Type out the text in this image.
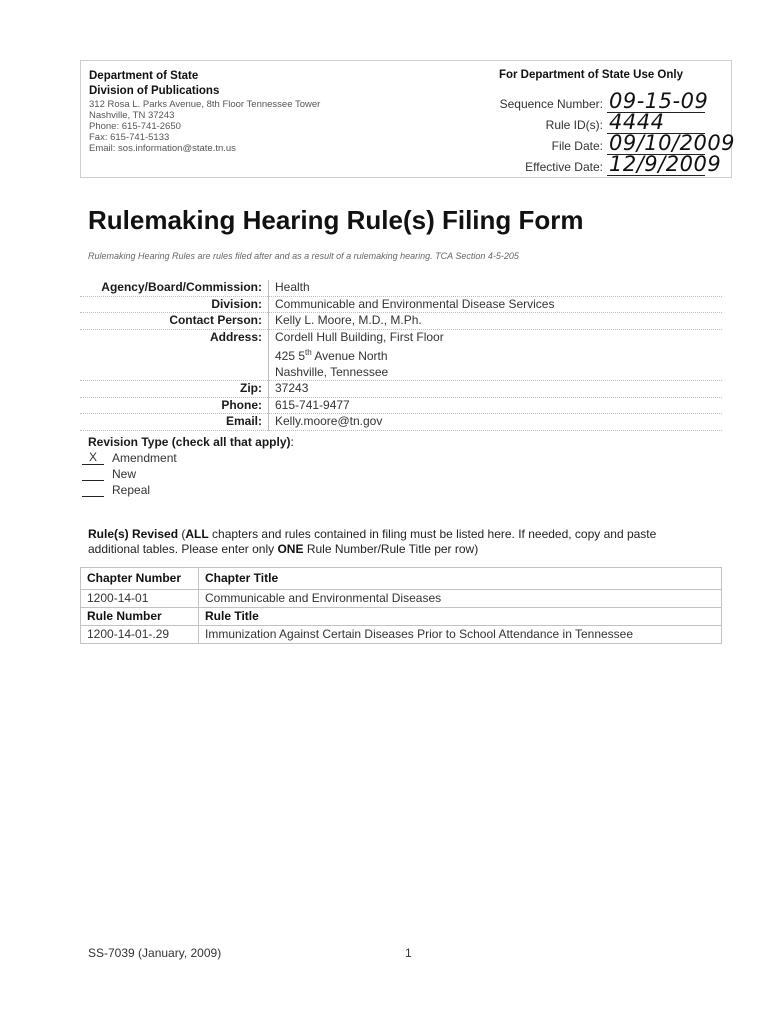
Department of State
Division of Publications
312 Rosa L. Parks Avenue, 8th Floor Tennessee Tower
Nashville, TN 37243
Phone: 615-741-2650
Fax: 615-741-5133
Email: sos.information@state.tn.us
For Department of State Use Only
Sequence Number: 09-15-09
Rule ID(s): 4444
File Date: 09/10/2009
Effective Date: 12/9/2009
Rulemaking Hearing Rule(s) Filing Form
Rulemaking Hearing Rules are rules filed after and as a result of a rulemaking hearing. TCA Section 4-5-205
Agency/Board/Commission:	Health
Division:	Communicable and Environmental Disease Services
Contact Person:	Kelly L. Moore, M.D., M.Ph.
Address:	Cordell Hull Building, First Floor
425 5th Avenue North
Nashville, Tennessee

Zip:	37243
Phone:	615-741-9477
Email:	Kelly.moore@tn.gov
Revision Type (check all that apply):
X	Amendment
New
Repeal
Rule(s) Revised (ALL chapters and rules contained in filing must be listed here. If needed, copy and paste additional tables. Please enter only ONE Rule Number/Rule Title per row)
Chapter Number	Chapter Title
1200-14-01	Communicable and Environmental Diseases
Rule Number	Rule Title
1200-14-01-.29	Immunization Against Certain Diseases Prior to School Attendance in Tennessee
SS-7039 (January, 2009)	1
